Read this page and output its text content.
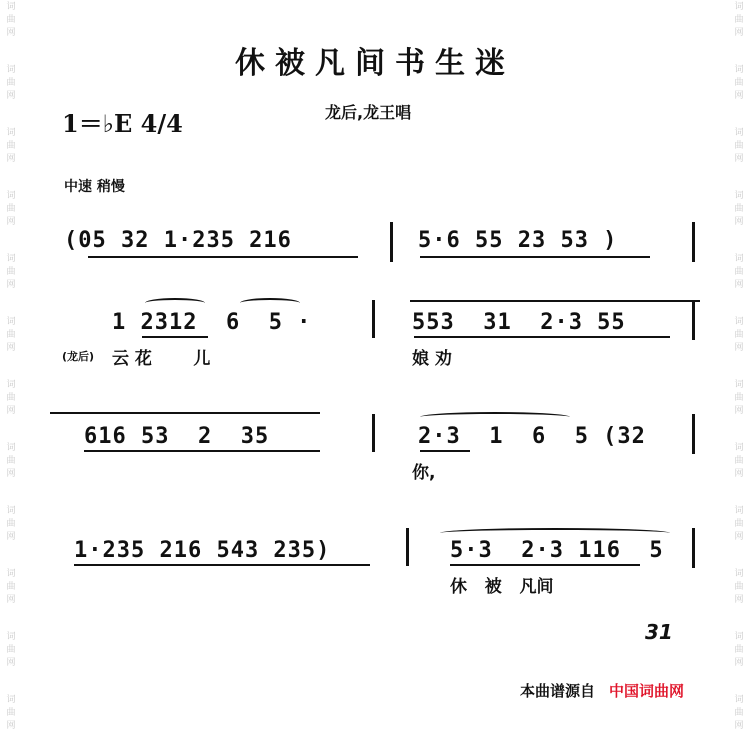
词
曲
网
词
曲
网
词
曲
网
词
曲
网
词
曲
网
词
曲
网
词
曲
网
词
曲
网
词
曲
网
词
曲
网
词
曲
网
词
曲
网
词
曲
网
词
曲
网
词
曲
网
词
曲
网
词
曲
网
词
曲
网
词
曲
网
词
曲
网
词
曲
网
词
曲
网
词
曲
网
词
曲
网
休被凡间书生迷
1＝♭E 4/4	龙后,龙王唱
中速 稍慢
(05 32 1·235 216	5·6 55 23 53 )
1 2312  6  5 ·	553  31  2·3 55
(龙后) 云 花       儿	娘 劝
616 53  2  35	2·3  1  6  5 (32
你,
1·235 216 543 235)	5·3  2·3 116  5
休   被   凡间
31
本曲谱源自 中国词曲网
